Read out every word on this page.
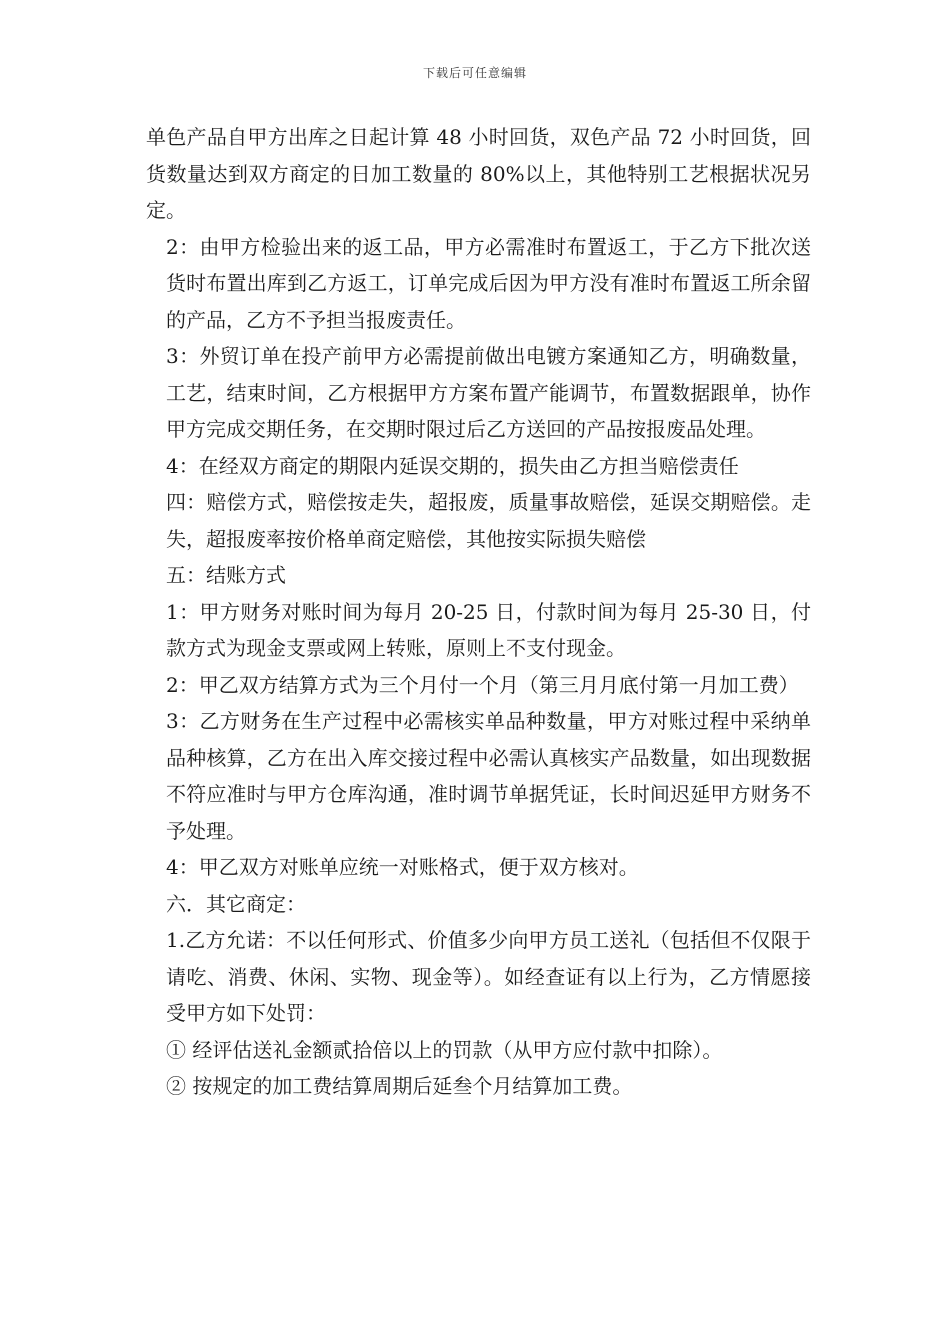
下载后可任意编辑

单色产品自甲方出库之日起计算 48 小时回货，双色产品 72 小时回货，回货数量达到双方商定的日加工数量的 80%以上，其他特别工艺根据状况另定。

2：由甲方检验出来的返工品，甲方必需准时布置返工，于乙方下批次送货时布置出库到乙方返工，订单完成后因为甲方没有准时布置返工所余留的产品，乙方不予担当报废责任。

3：外贸订单在投产前甲方必需提前做出电镀方案通知乙方，明确数量，工艺，结束时间，乙方根据甲方方案布置产能调节，布置数据跟单，协作甲方完成交期任务，在交期时限过后乙方送回的产品按报废品处理。

4：在经双方商定的期限内延误交期的，损失由乙方担当赔偿责任

四：赔偿方式，赔偿按走失，超报废，质量事故赔偿，延误交期赔偿。走失，超报废率按价格单商定赔偿，其他按实际损失赔偿

五：结账方式

1：甲方财务对账时间为每月 20-25 日，付款时间为每月 25-30 日，付款方式为现金支票或网上转账，原则上不支付现金。

2：甲乙双方结算方式为三个月付一个月（第三月月底付第一月加工费）

3：乙方财务在生产过程中必需核实单品种数量，甲方对账过程中采纳单品种核算，乙方在出入库交接过程中必需认真核实产品数量，如出现数据不符应准时与甲方仓库沟通，准时调节单据凭证，长时间迟延甲方财务不予处理。

4：甲乙双方对账单应统一对账格式，便于双方核对。

六．其它商定：

1.乙方允诺：不以任何形式、价值多少向甲方员工送礼（包括但不仅限于请吃、消费、休闲、实物、现金等）。如经查证有以上行为，乙方情愿接受甲方如下处罚：

① 经评估送礼金额贰拾倍以上的罚款（从甲方应付款中扣除）。

② 按规定的加工费结算周期后延叁个月结算加工费。
